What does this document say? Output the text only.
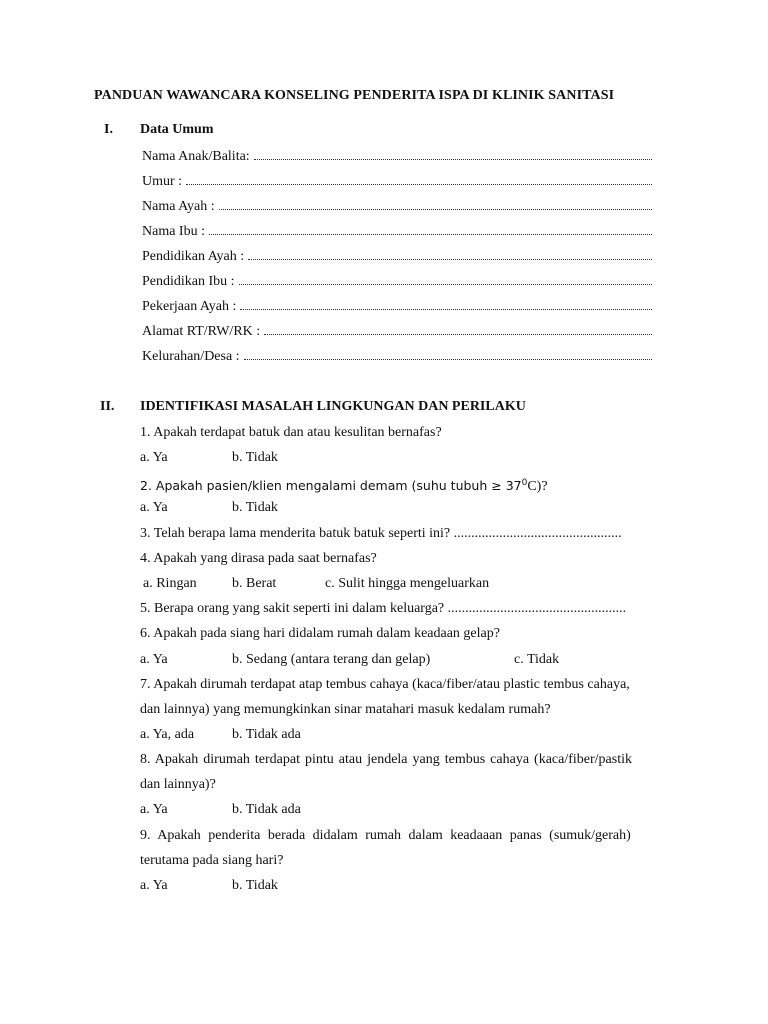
PANDUAN WAWANCARA KONSELING PENDERITA ISPA DI KLINIK SANITASI
I. Data Umum
Nama Anak/Balita:
Umur :
Nama Ayah :
Nama Ibu :
Pendidikan Ayah :
Pendidikan Ibu :
Pekerjaan Ayah :
Alamat RT/RW/RK :
Kelurahan/Desa :
II. IDENTIFIKASI MASALAH LINGKUNGAN DAN PERILAKU
1. Apakah terdapat batuk dan atau kesulitan bernafas?
a. Ya	b. Tidak
2. Apakah pasien/klien mengalami demam (suhu tubuh ≥ $37^0C$)?
a. Ya	b. Tidak
3. Telah berapa lama menderita batuk batuk seperti ini? ................................................
4. Apakah yang dirasa pada saat bernafas?
a. Ringan	b. Berat	c. Sulit hingga mengeluarkan
5. Berapa orang yang sakit seperti ini dalam keluarga? ...................................................
6. Apakah pada siang hari didalam rumah dalam keadaan gelap?
a. Ya	b. Sedang (antara terang dan gelap)	c. Tidak
7. Apakah dirumah terdapat atap tembus cahaya (kaca/fiber/atau plastic tembus cahaya,
dan lainnya) yang memungkinkan sinar matahari masuk kedalam rumah?
a. Ya, ada	b. Tidak ada
8. Apakah dirumah terdapat pintu atau jendela yang tembus cahaya (kaca/fiber/pastik
dan lainnya)?
a. Ya	b. Tidak ada
9. Apakah penderita berada didalam rumah dalam keadaaan panas (sumuk/gerah)
terutama pada siang hari?
a. Ya	b. Tidak
